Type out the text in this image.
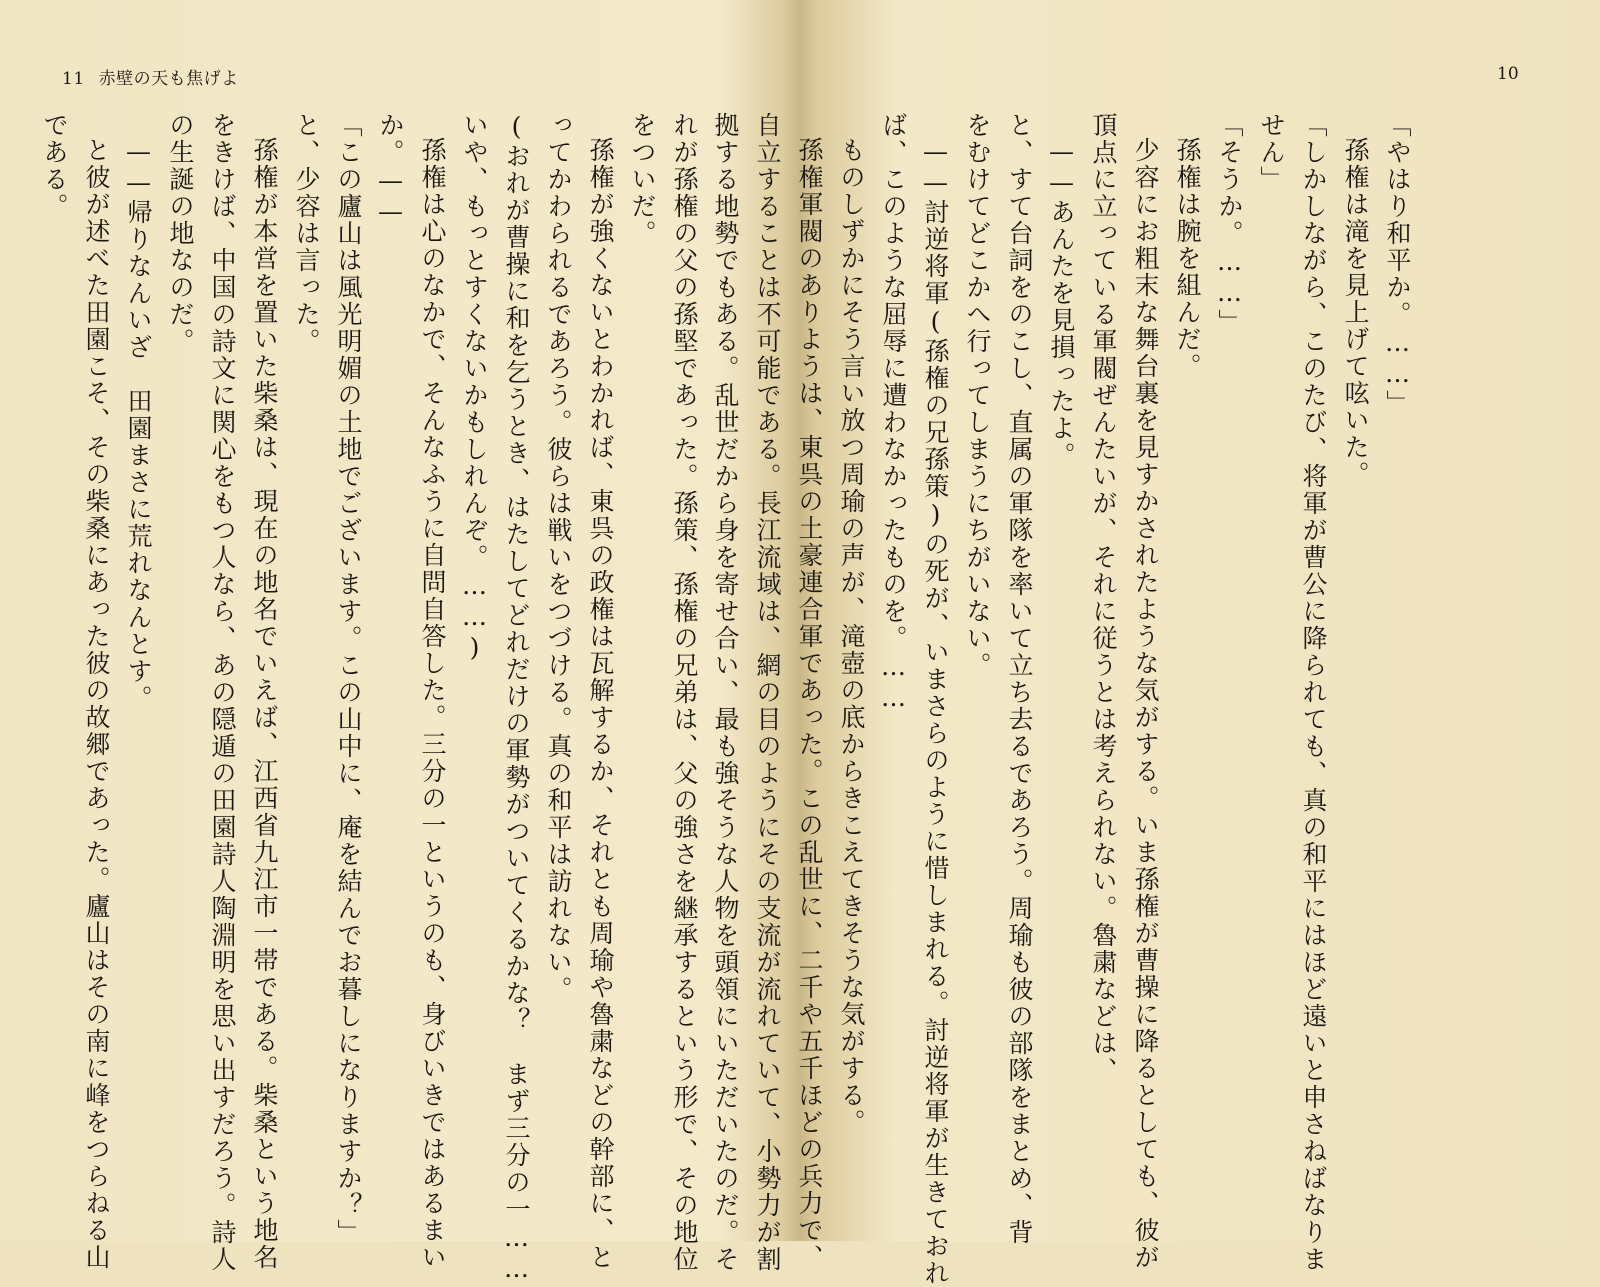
11 赤壁の天も焦げよ
れが孫権の父の孫堅であった。孫策、孫権の兄弟は、父の強さを継承するという形で、その地位
をついだ。
孫権が強くないとわかれば、東呉の政権は瓦解するか、それとも周瑜や魯粛などの幹部に、と
ってかわられるであろう。彼らは戦いをつづける。真の和平は訪れない。
(おれが曹操に和を乞うとき、はたしてどれだけの軍勢がついてくるかな？　まず三分の一……
いや、もっとすくないかもしれんぞ。……)
孫権は心のなかで、そんなふうに自問自答した。三分の一というのも、身びいきではあるまい
か。——
「この廬山は風光明媚の土地でございます。この山中に、庵を結んでお暮しになりますか？」
と、少容は言った。
孫権が本営を置いた柴桑は、現在の地名でいえば、江西省九江市一帯である。柴桑という地名
をきけば、中国の詩文に関心をもつ人なら、あの隠遁の田園詩人陶淵明を思い出すだろう。詩人
の生誕の地なのだ。
——帰りなんいざ　田園まさに荒れなんとす。
と彼が述べた田園こそ、その柴桑にあった彼の故郷であった。廬山はその南に峰をつらねる山
である。
10
「やはり和平か。……」
孫権は滝を見上げて呟いた。
「しかしながら、このたび、将軍が曹公に降られても、真の和平にはほど遠いと申さねばなりま
せん」
「そうか。……」
孫権は腕を組んだ。
少容にお粗末な舞台裏を見すかされたような気がする。いま孫権が曹操に降るとしても、彼が
頂点に立っている軍閥ぜんたいが、それに従うとは考えられない。魯粛などは、
——あんたを見損ったよ。
と、すて台詞をのこし、直属の軍隊を率いて立ち去るであろう。周瑜も彼の部隊をまとめ、背
をむけてどこかへ行ってしまうにちがいない。
——討逆将軍(孫権の兄孫策)の死が、いまさらのように惜しまれる。討逆将軍が生きておれ
ば、このような屈辱に遭わなかったものを。……
ものしずかにそう言い放つ周瑜の声が、滝壺の底からきこえてきそうな気がする。
孫権軍閥のありようは、東呉の土豪連合軍であった。この乱世に、二千や五千ほどの兵力で、
自立することは不可能である。長江流域は、網の目のようにその支流が流れていて、小勢力が割
拠する地勢でもある。乱世だから身を寄せ合い、最も強そうな人物を頭領にいただいたのだ。そ
